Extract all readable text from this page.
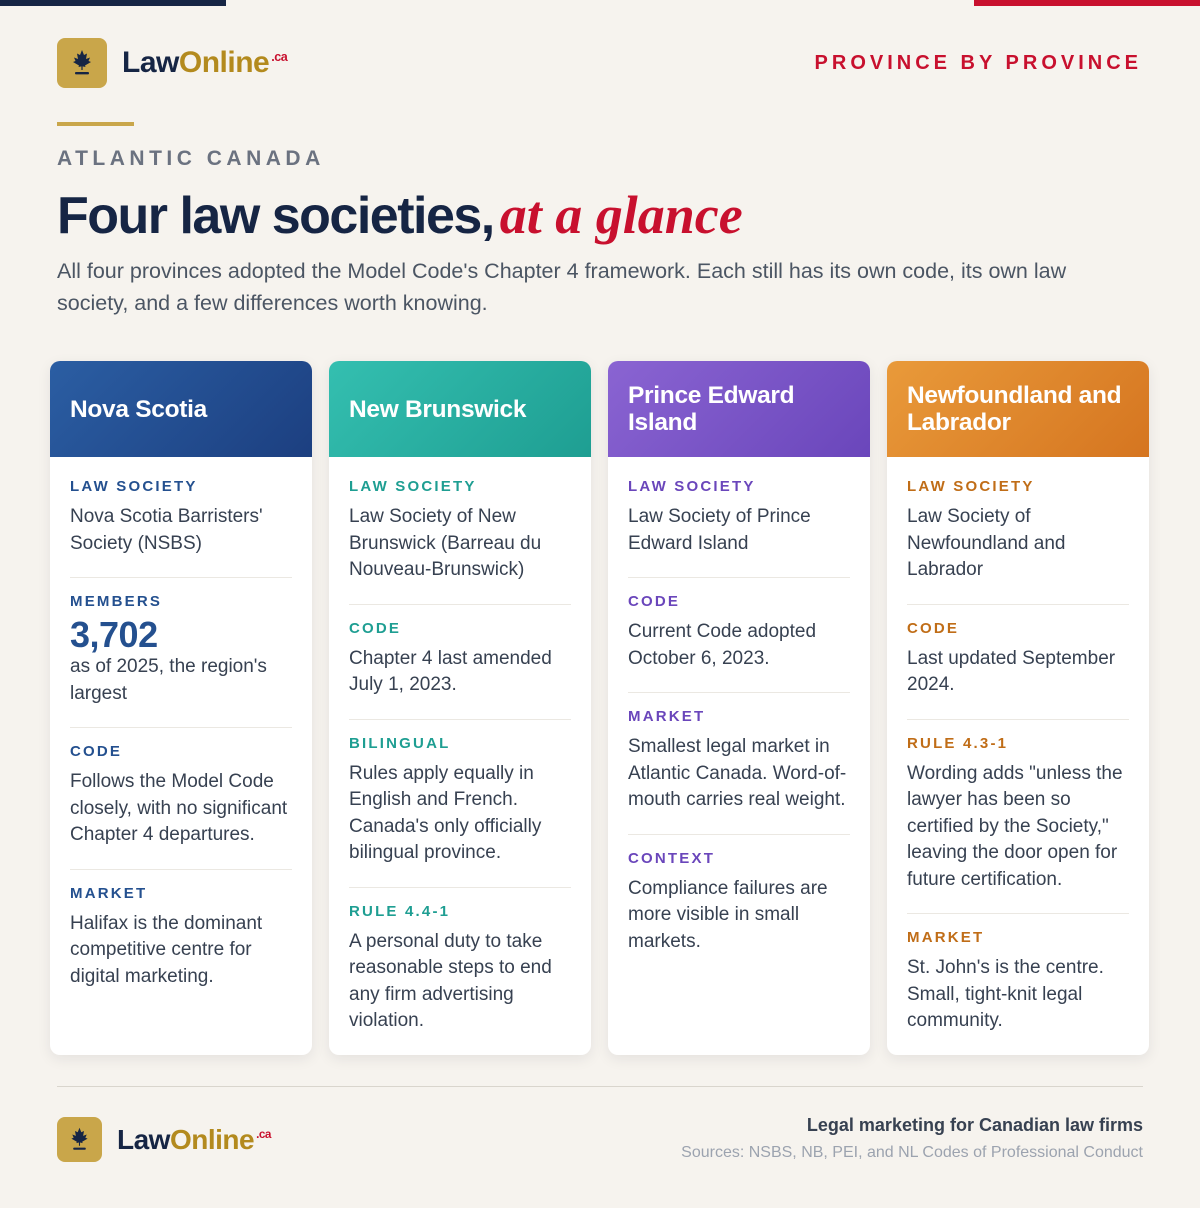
LawOnline $^{.ca}$	PROVINCE BY PROVINCE
ATLANTIC CANADA
Four law societies, at a glance

All four provinces adopted the Model Code's Chapter 4 framework. Each still has its own code, its own law society, and a few differences worth knowing.

Nova Scotia
LAW SOCIETY
Nova Scotia Barristers' Society (NSBS)
MEMBERS
3,702
as of 2025, the region's largest
CODE
Follows the Model Code closely, with no significant Chapter 4 departures.
MARKET
Halifax is the dominant competitive centre for digital marketing.
New Brunswick
LAW SOCIETY
Law Society of New Brunswick (Barreau du Nouveau-Brunswick)
CODE
Chapter 4 last amended July 1, 2023.
BILINGUAL
Rules apply equally in English and French. Canada's only officially bilingual province.
RULE 4.4-1
A personal duty to take reasonable steps to end any firm advertising violation.
Prince Edward Island
LAW SOCIETY
Law Society of Prince Edward Island
CODE
Current Code adopted October 6, 2023.
MARKET
Smallest legal market in Atlantic Canada. Word-of-mouth carries real weight.
CONTEXT
Compliance failures are more visible in small markets.
Newfoundland and Labrador
LAW SOCIETY
Law Society of Newfoundland and Labrador
CODE
Last updated September 2024.
RULE 4.3-1
Wording adds "unless the lawyer has been so certified by the Society," leaving the door open for future certification.
MARKET
St. John's is the centre. Small, tight-knit legal community.
LawOnline $^{.ca}$	Legal marketing for Canadian law firms
Sources: NSBS, NB, PEI, and NL Codes of Professional Conduct
